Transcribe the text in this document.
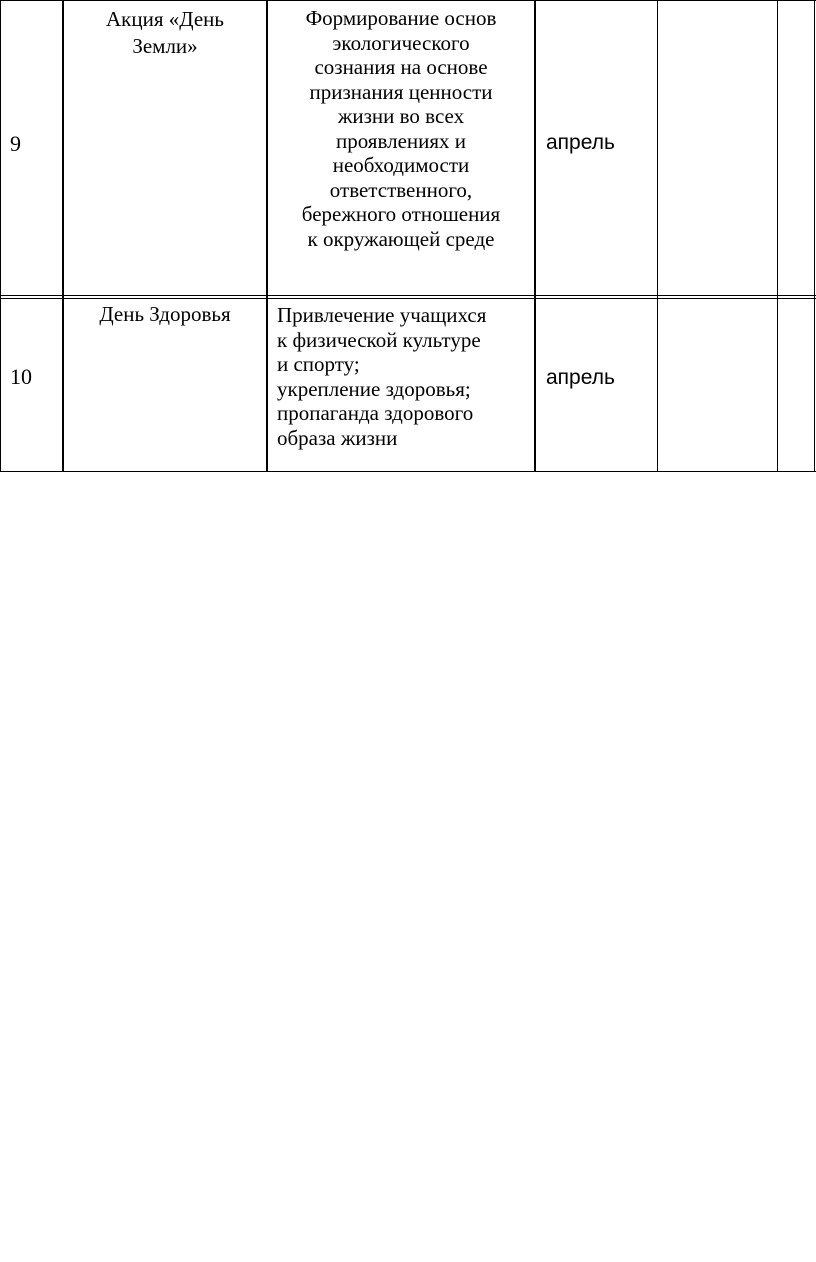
9
Акция «День
Земли»
Формирование основ
экологического
сознания на основе
признания ценности
жизни во всех
проявлениях и
необходимости
ответственного,
бережного отношения
к окружающей среде
апрель
10
День Здоровья	Привлечение учащихся
к физической культуре
и спорту;
укрепление здоровья;
пропаганда здорового
образа жизни
апрель
